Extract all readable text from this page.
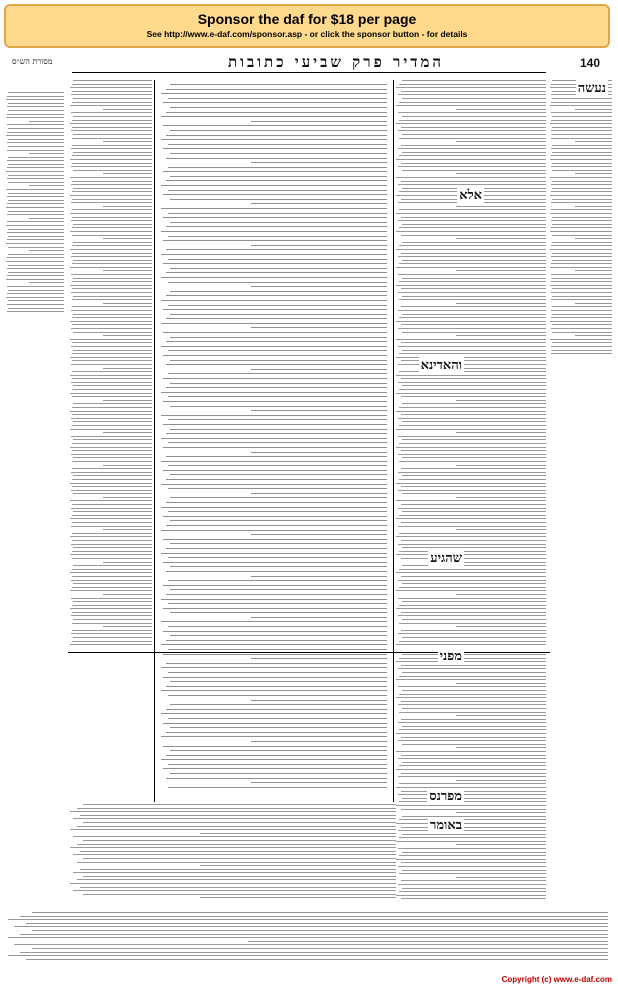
Sponsor the daf for $18 per page
See http://www.e-daf.com/sponsor.asp - or click the sponsor button - for details
140
המדיר פרק שביעי כתובות
מסורת הש״ס
נעשה
אלא
והאדינא
שהגיע
מפני
מפרנס
באומר
Copyright (c) www.e-daf.com
